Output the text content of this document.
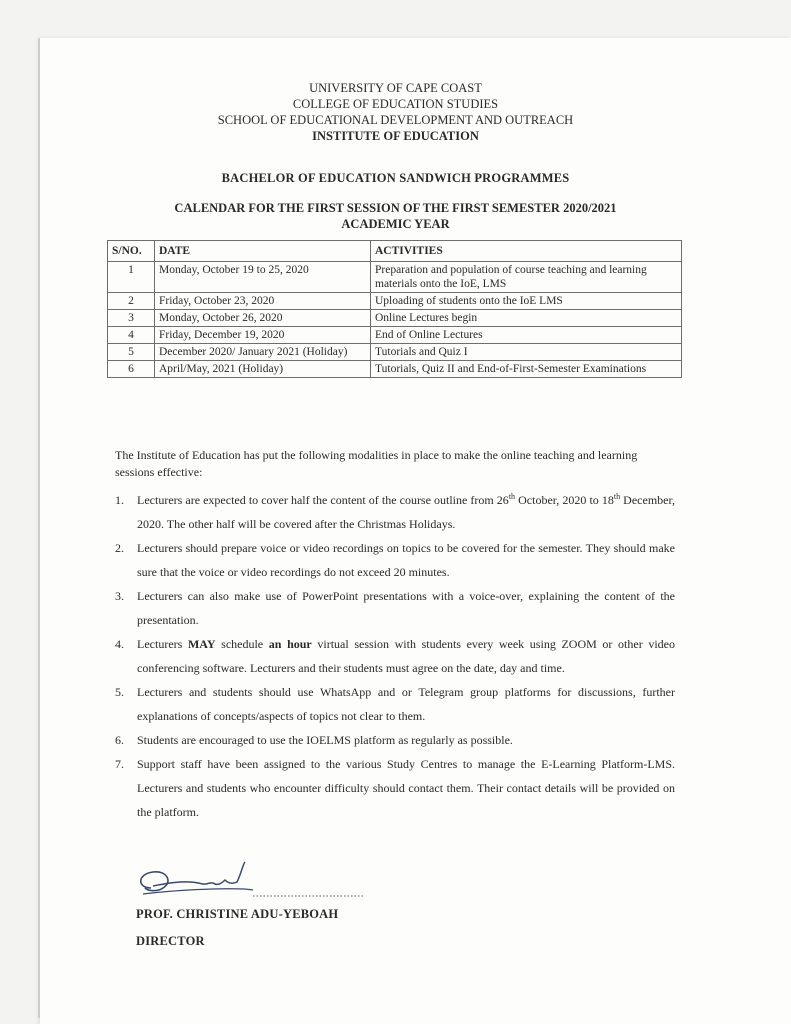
UNIVERSITY OF CAPE COAST
COLLEGE OF EDUCATION STUDIES
SCHOOL OF EDUCATIONAL DEVELOPMENT AND OUTREACH
INSTITUTE OF EDUCATION
BACHELOR OF EDUCATION SANDWICH PROGRAMMES
CALENDAR FOR THE FIRST SESSION OF THE FIRST SEMESTER 2020/2021
ACADEMIC YEAR
S/NO.	DATE	ACTIVITIES
1	Monday, October 19 to 25, 2020	Preparation and population of course teaching and learning materials onto the IoE, LMS
2	Friday, October 23, 2020	Uploading of students onto the IoE LMS
3	Monday, October 26, 2020	Online Lectures begin
4	Friday, December 19, 2020	End of Online Lectures
5	December 2020/ January 2021 (Holiday)	Tutorials and Quiz I
6	April/May, 2021 (Holiday)	Tutorials, Quiz II and End-of-First-Semester Examinations
The Institute of Education has put the following modalities in place to make the online teaching and learning sessions effective:
1. Lecturers are expected to cover half the content of the course outline from 26th October, 2020 to 18th December, 2020. The other half will be covered after the Christmas Holidays.
2. Lecturers should prepare voice or video recordings on topics to be covered for the semester. They should make sure that the voice or video recordings do not exceed 20 minutes.
3. Lecturers can also make use of PowerPoint presentations with a voice-over, explaining the content of the presentation.
4. Lecturers MAY schedule an hour virtual session with students every week using ZOOM or other video conferencing software. Lecturers and their students must agree on the date, day and time.
5. Lecturers and students should use WhatsApp and or Telegram group platforms for discussions, further explanations of concepts/aspects of topics not clear to them.
6. Students are encouraged to use the IOELMS platform as regularly as possible.
7. Support staff have been assigned to the various Study Centres to manage the E-Learning Platform-LMS. Lecturers and students who encounter difficulty should contact them. Their contact details will be provided on the platform.
PROF. CHRISTINE ADU-YEBOAH
DIRECTOR
